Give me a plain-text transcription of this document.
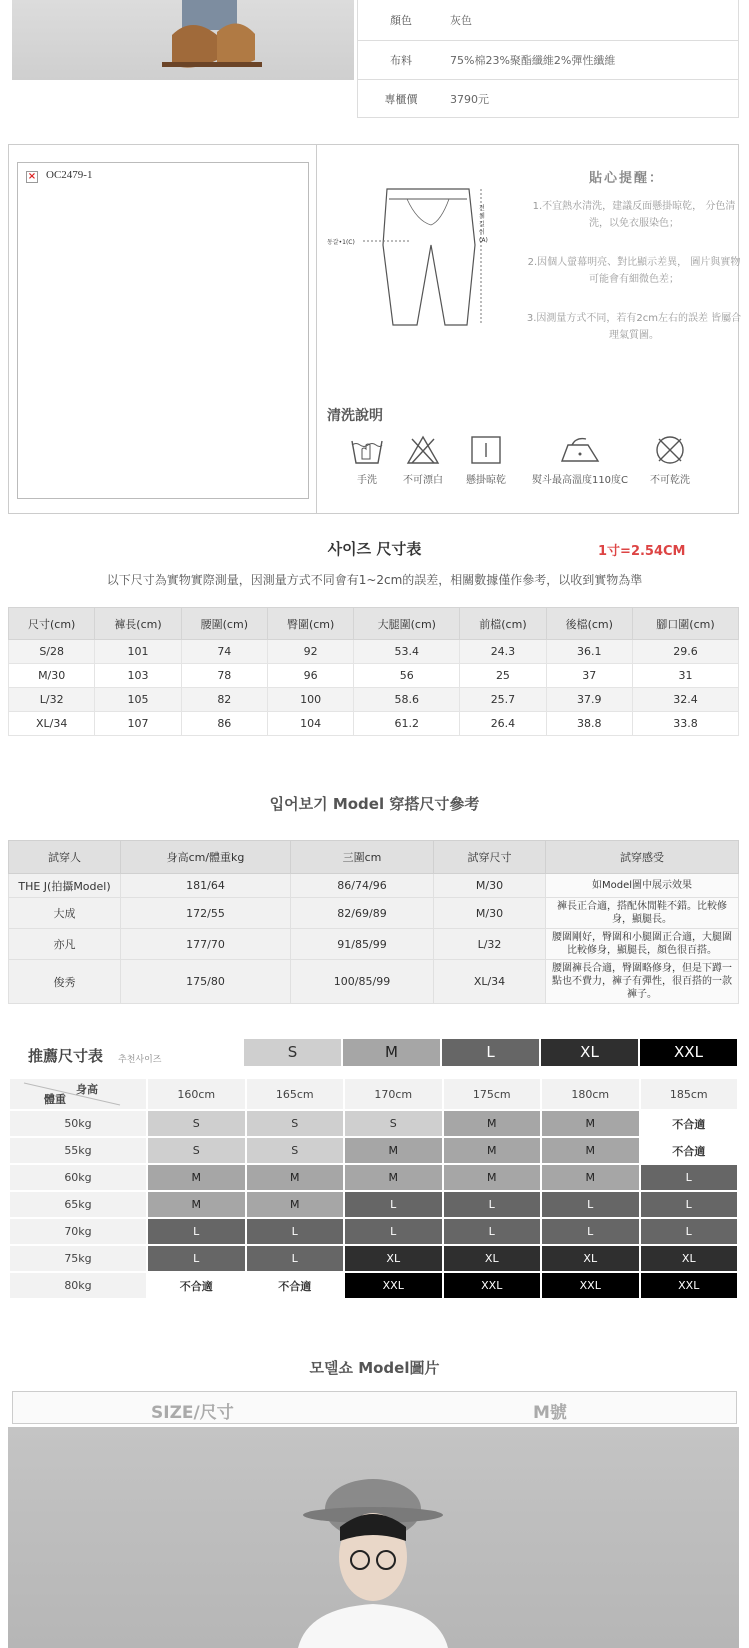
顏色	灰色
布料	75%棉23%聚酯纖維2%彈性纖維
專櫃價	3790元
× OC2479-1
동갈•1(C)
전체길이(A)
貼心提醒：
1.不宜熱水清洗，建議反面懸掛晾乾， 分色清洗，以免衣服染色；
2.因個人螢幕明亮、對比顯示差異， 圖片與實物可能會有細微色差；
3.因測量方式不同，若有2cm左右的誤差 皆屬合理氣質圖。
清洗說明
手洗	不可漂白	懸掛晾乾	熨斗最高溫度110度C	不可乾洗
사이즈 尺寸表	1寸=2.54CM
以下尺寸為實物實際測量，因測量方式不同會有1~2cm的誤差，相關數據僅作參考，以收到實物為準
尺寸(cm)	褲長(cm)	腰圍(cm)	臀圍(cm)	大腿圍(cm)	前檔(cm)	後檔(cm)	腳口圍(cm)
S/28	101	74	92	53.4	24.3	36.1	29.6
M/30	103	78	96	56	25	37	31
L/32	105	82	100	58.6	25.7	37.9	32.4
XL/34	107	86	104	61.2	26.4	38.8	33.8
입어보기 Model 穿搭尺寸參考
試穿人	身高cm/體重kg	三圍cm	試穿尺寸	試穿感受
THE J(拍攝Model)	181/64	86/74/96	M/30	如Model圖中展示效果
大成	172/55	82/69/89	M/30	褲長正合適，搭配休閒鞋不錯。比較修身，顯腿長。
亦凡	177/70	91/85/99	L/32	腰圍剛好，臀圍和小腿圍正合適，大腿圍比較修身，顯腿長，顏色很百搭。
俊秀	175/80	100/85/99	XL/34	腰圍褲長合適，臀圍略修身，但是下蹲一點也不費力，褲子有彈性，很百搭的一款褲子。
推薦尺寸表 추천사이즈	S	M	L	XL	XXL
身高
體重	160cm	165cm	170cm	175cm	180cm	185cm
50kg	S	S	S	M	M	不合適
55kg	S	S	M	M	M	不合適
60kg	M	M	M	M	M	L
65kg	M	M	L	L	L	L
70kg	L	L	L	L	L	L
75kg	L	L	XL	XL	XL	XL
80kg	不合適	不合適	XXL	XXL	XXL	XXL
모델쇼 Model圖片
SIZE/尺寸	M號
